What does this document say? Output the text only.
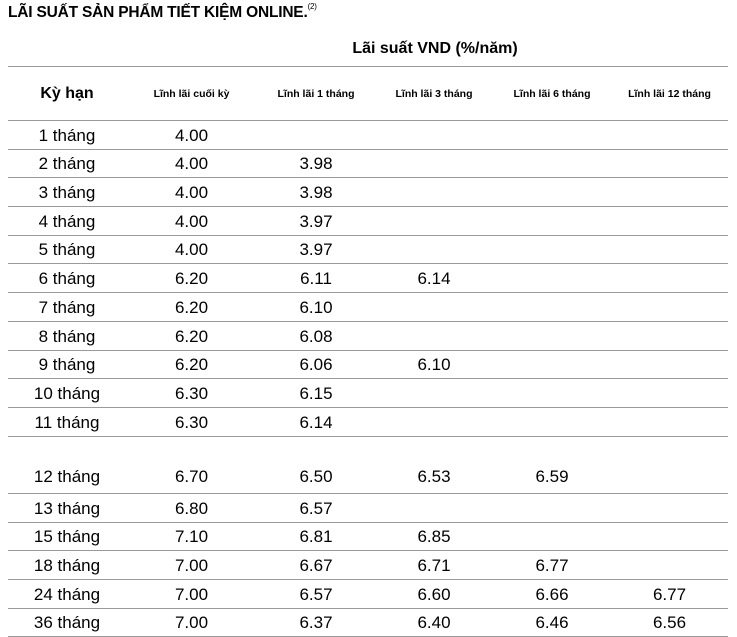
LÃI SUẤT SẢN PHẨM TIẾT KIỆM ONLINE.$^{(2)}$
Lãi suất VND (%/năm)
Kỳ hạn	Lĩnh lãi cuối kỳ	Lĩnh lãi 1 tháng	Lĩnh lãi 3 tháng	Lĩnh lãi 6 tháng	Lĩnh lãi 12 tháng
1 tháng	4.00				
2 tháng	4.00	3.98			
3 tháng	4.00	3.98			
4 tháng	4.00	3.97			
5 tháng	4.00	3.97			
6 tháng	6.20	6.11	6.14		
7 tháng	6.20	6.10			
8 tháng	6.20	6.08			
9 tháng	6.20	6.06	6.10		
10 tháng	6.30	6.15			
11 tháng	6.30	6.14			
12 tháng	6.70	6.50	6.53	6.59	
13 tháng	6.80	6.57			
15 tháng	7.10	6.81	6.85		
18 tháng	7.00	6.67	6.71	6.77	
24 tháng	7.00	6.57	6.60	6.66	6.77
36 tháng	7.00	6.37	6.40	6.46	6.56
